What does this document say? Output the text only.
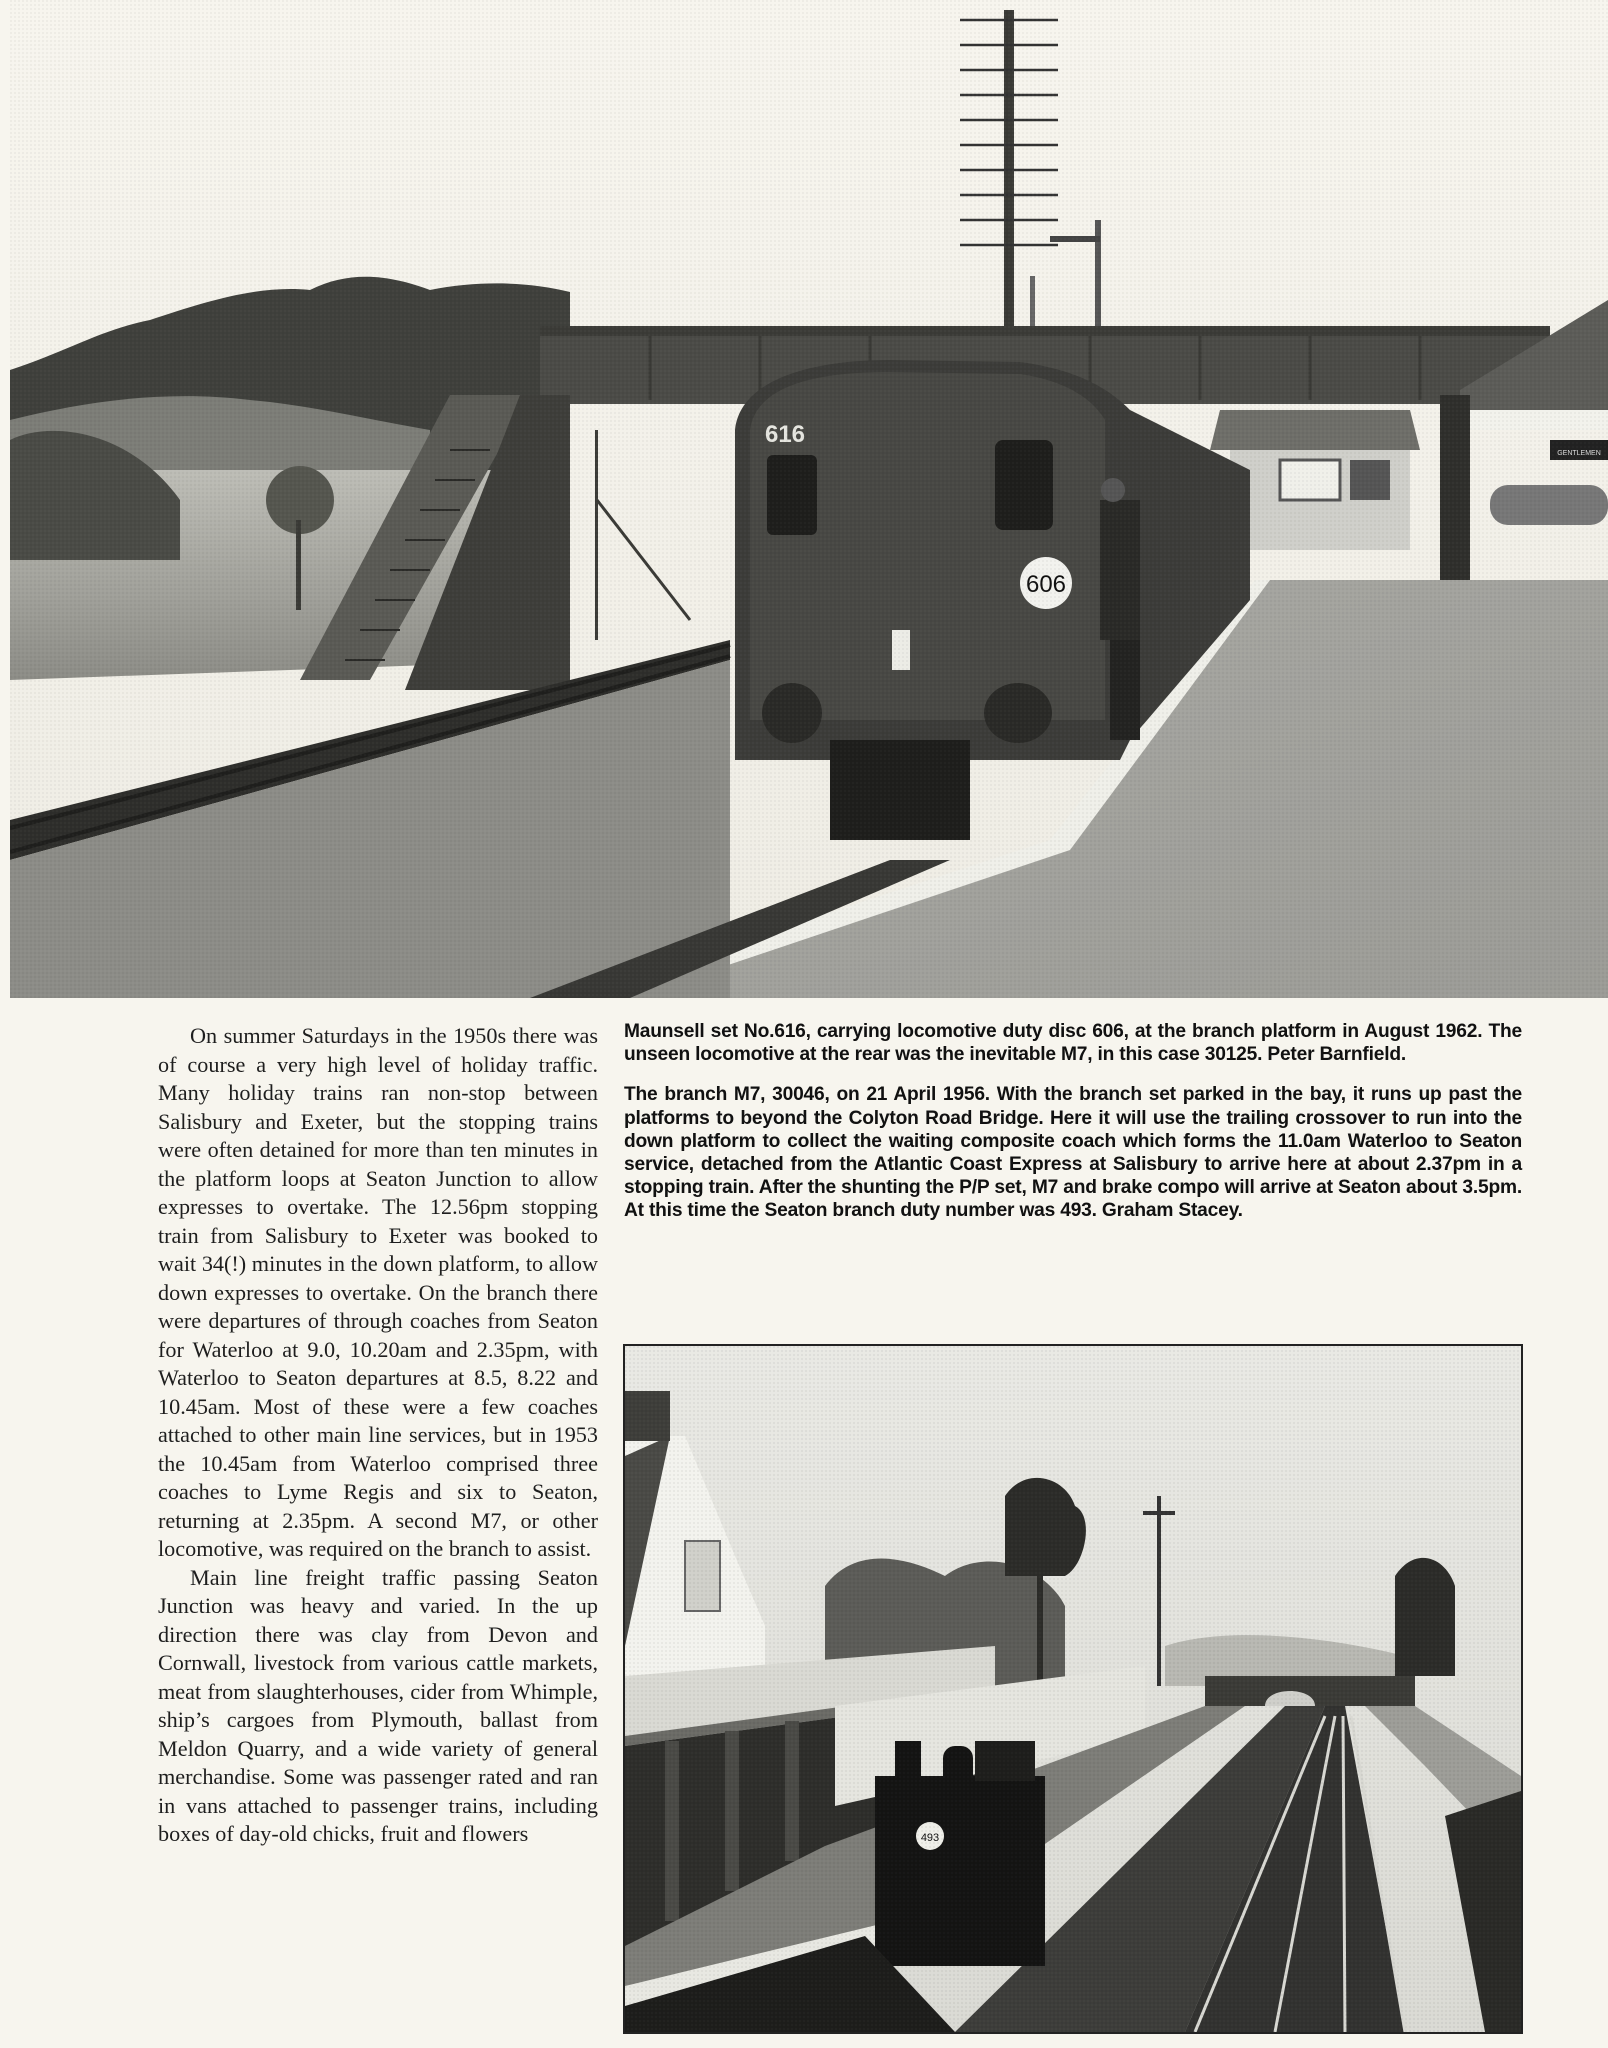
On summer Saturdays in the 1950s there was of course a very high level of holiday traffic. Many holiday trains ran non-stop between Salisbury and Exeter, but the stopping trains were often detained for more than ten minutes in the platform loops at Seaton Junction to allow expresses to overtake. The 12.56pm stopping train from Salisbury to Exeter was booked to wait 34(!) minutes in the down platform, to allow down expresses to overtake. On the branch there were departures of through coaches from Seaton for Waterloo at 9.0, 10.20am and 2.35pm, with Waterloo to Seaton departures at 8.5, 8.22 and 10.45am. Most of these were a few coaches attached to other main line services, but in 1953 the 10.45am from Waterloo comprised three coaches to Lyme Regis and six to Seaton, returning at 2.35pm. A second M7, or other locomotive, was required on the branch to assist.

Main line freight traffic passing Seaton Junction was heavy and varied. In the up direction there was clay from Devon and Cornwall, livestock from various cattle markets, meat from slaughterhouses, cider from Whimple, ship’s cargoes from Plymouth, ballast from Meldon Quarry, and a wide variety of general merchandise. Some was passenger rated and ran in vans attached to passenger trains, including boxes of day-old chicks, fruit and flowers

Maunsell set No.616, carrying locomotive duty disc 606, at the branch platform in August 1962. The unseen locomotive at the rear was the inevitable M7, in this case 30125. Peter Barnfield.

The branch M7, 30046, on 21 April 1956. With the branch set parked in the bay, it runs up past the platforms to beyond the Colyton Road Bridge. Here it will use the trailing crossover to run into the down platform to collect the waiting composite coach which forms the 11.0am Waterloo to Seaton service, detached from the Atlantic Coast Express at Salisbury to arrive here at about 2.37pm in a stopping train. After the shunting the P/P set, M7 and brake compo will arrive at Seaton about 3.5pm. At this time the Seaton branch duty number was 493. Graham Stacey.
